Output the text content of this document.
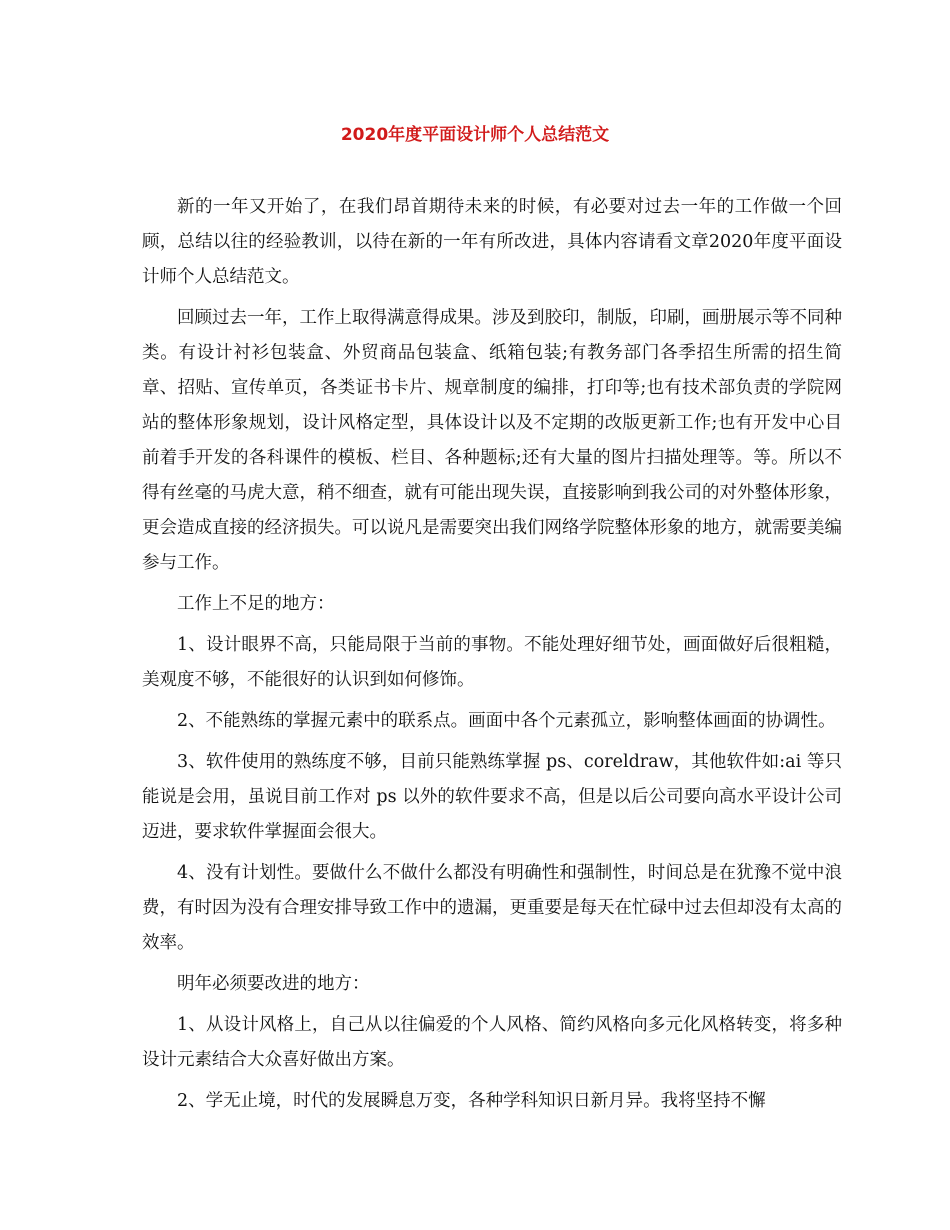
2020年度平面设计师个人总结范文

新的一年又开始了，在我们昂首期待未来的时候，有必要对过去一年的工作做一个回顾，总结以往的经验教训，以待在新的一年有所改进，具体内容请看文章2020年度平面设计师个人总结范文。

回顾过去一年，工作上取得满意得成果。涉及到胶印，制版，印刷，画册展示等不同种类。有设计衬衫包装盒、外贸商品包装盒、纸箱包装;有教务部门各季招生所需的招生简章、招贴、宣传单页，各类证书卡片、规章制度的编排，打印等;也有技术部负责的学院网站的整体形象规划，设计风格定型，具体设计以及不定期的改版更新工作;也有开发中心目前着手开发的各科课件的模板、栏目、各种题标;还有大量的图片扫描处理等。等。所以不得有丝毫的马虎大意，稍不细查，就有可能出现失误，直接影响到我公司的对外整体形象，更会造成直接的经济损失。可以说凡是需要突出我们网络学院整体形象的地方，就需要美编参与工作。

工作上不足的地方：

1、设计眼界不高，只能局限于当前的事物。不能处理好细节处，画面做好后很粗糙，美观度不够，不能很好的认识到如何修饰。

2、不能熟练的掌握元素中的联系点。画面中各个元素孤立，影响整体画面的协调性。

3、软件使用的熟练度不够，目前只能熟练掌握 ps、coreldraw，其他软件如:ai 等只能说是会用，虽说目前工作对 ps 以外的软件要求不高，但是以后公司要向高水平设计公司迈进，要求软件掌握面会很大。

4、没有计划性。要做什么不做什么都没有明确性和强制性，时间总是在犹豫不觉中浪费，有时因为没有合理安排导致工作中的遗漏，更重要是每天在忙碌中过去但却没有太高的效率。

明年必须要改进的地方：

1、从设计风格上，自己从以往偏爱的个人风格、简约风格向多元化风格转变，将多种设计元素结合大众喜好做出方案。

2、学无止境，时代的发展瞬息万变，各种学科知识日新月异。我将坚持不懈
